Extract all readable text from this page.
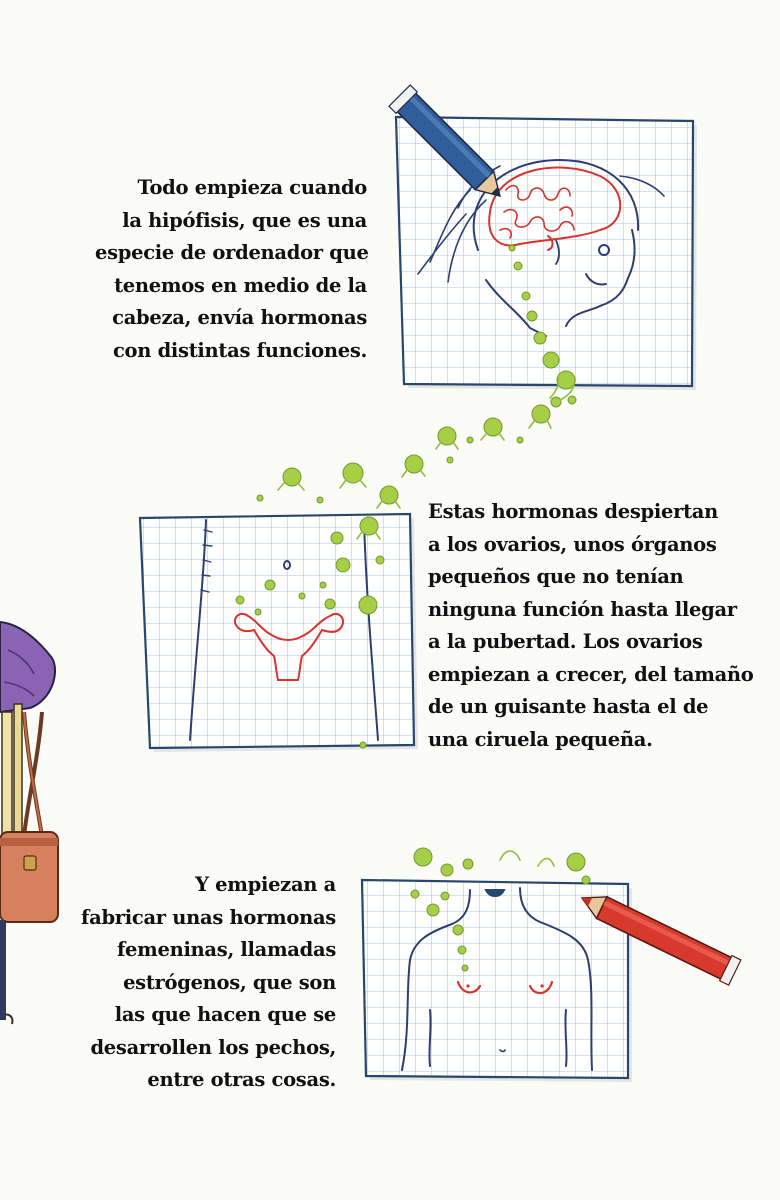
Todo empieza cuando
la hipófisis, que es una
especie de ordenador que
tenemos en medio de la
cabeza, envía hormonas
con distintas funciones.

Estas hormonas despiertan
a los ovarios, unos órganos
pequeños que no tenían
ninguna función hasta llegar
a la pubertad. Los ovarios
empiezan a crecer, del tamaño
de un guisante hasta el de
una ciruela pequeña.

Y empiezan a
fabricar unas hormonas
femeninas, llamadas
estrógenos, que son
las que hacen que se
desarrollen los pechos,
entre otras cosas.
